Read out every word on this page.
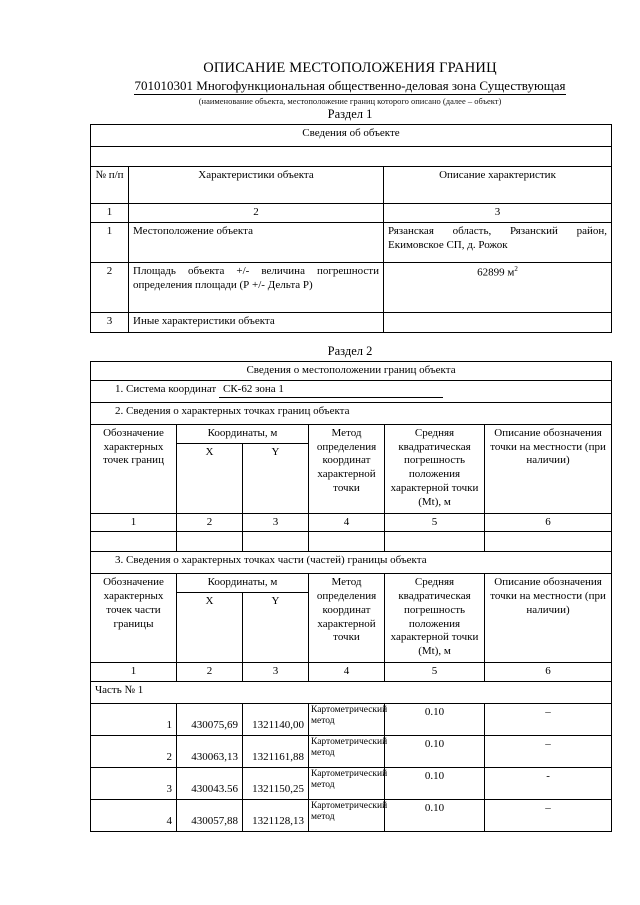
ОПИСАНИЕ МЕСТОПОЛОЖЕНИЯ ГРАНИЦ
701010301 Многофункциональная общественно-деловая зона Существующая
(наименование объекта, местоположение границ которого описано (далее – объект)
Раздел 1
Сведения об объекте		

№ п/п	Характеристики объекта	Описание характеристик
1	2	3
1	Местоположение объекта	Рязанская область, Рязанский район, Екимовское СП, д. Рожок
2	Площадь объекта +/- величина погрешности определения площади (Р +/- Дельта Р)	62899 $м^2$
3	Иные характеристики объекта	
Раздел 2
Сведения о местоположении границ объекта					
1. Система координат СК-62 зона 1					
2. Сведения о характерных точках границ объекта					
Обозначение характерных точек границ	Координаты, м		Метод определения координат характерной точки	Средняя квадратическая погрешность положения характерной точки (Mt), м	Описание обозначения точки на местности (при наличии)
	X	Y			
1	2	3	4	5	6

3. Сведения о характерных точках части (частей) границы объекта					
Обозначение характерных точек части границы	Координаты, м		Метод определения координат характерной точки	Средняя квадратическая погрешность положения характерной точки (Mt), м	Описание обозначения точки на местности (при наличии)
	X	Y			
1	2	3	4	5	6
Часть № 1					
1	430075,69	1321140,00	Картометрический метод	0.10	–
2	430063,13	1321161,88	Картометрический метод	0.10	–
3	430043.56	1321150,25	Картометрический метод	0.10	-
4	430057,88	1321128,13	Картометрический метод	0.10	–
